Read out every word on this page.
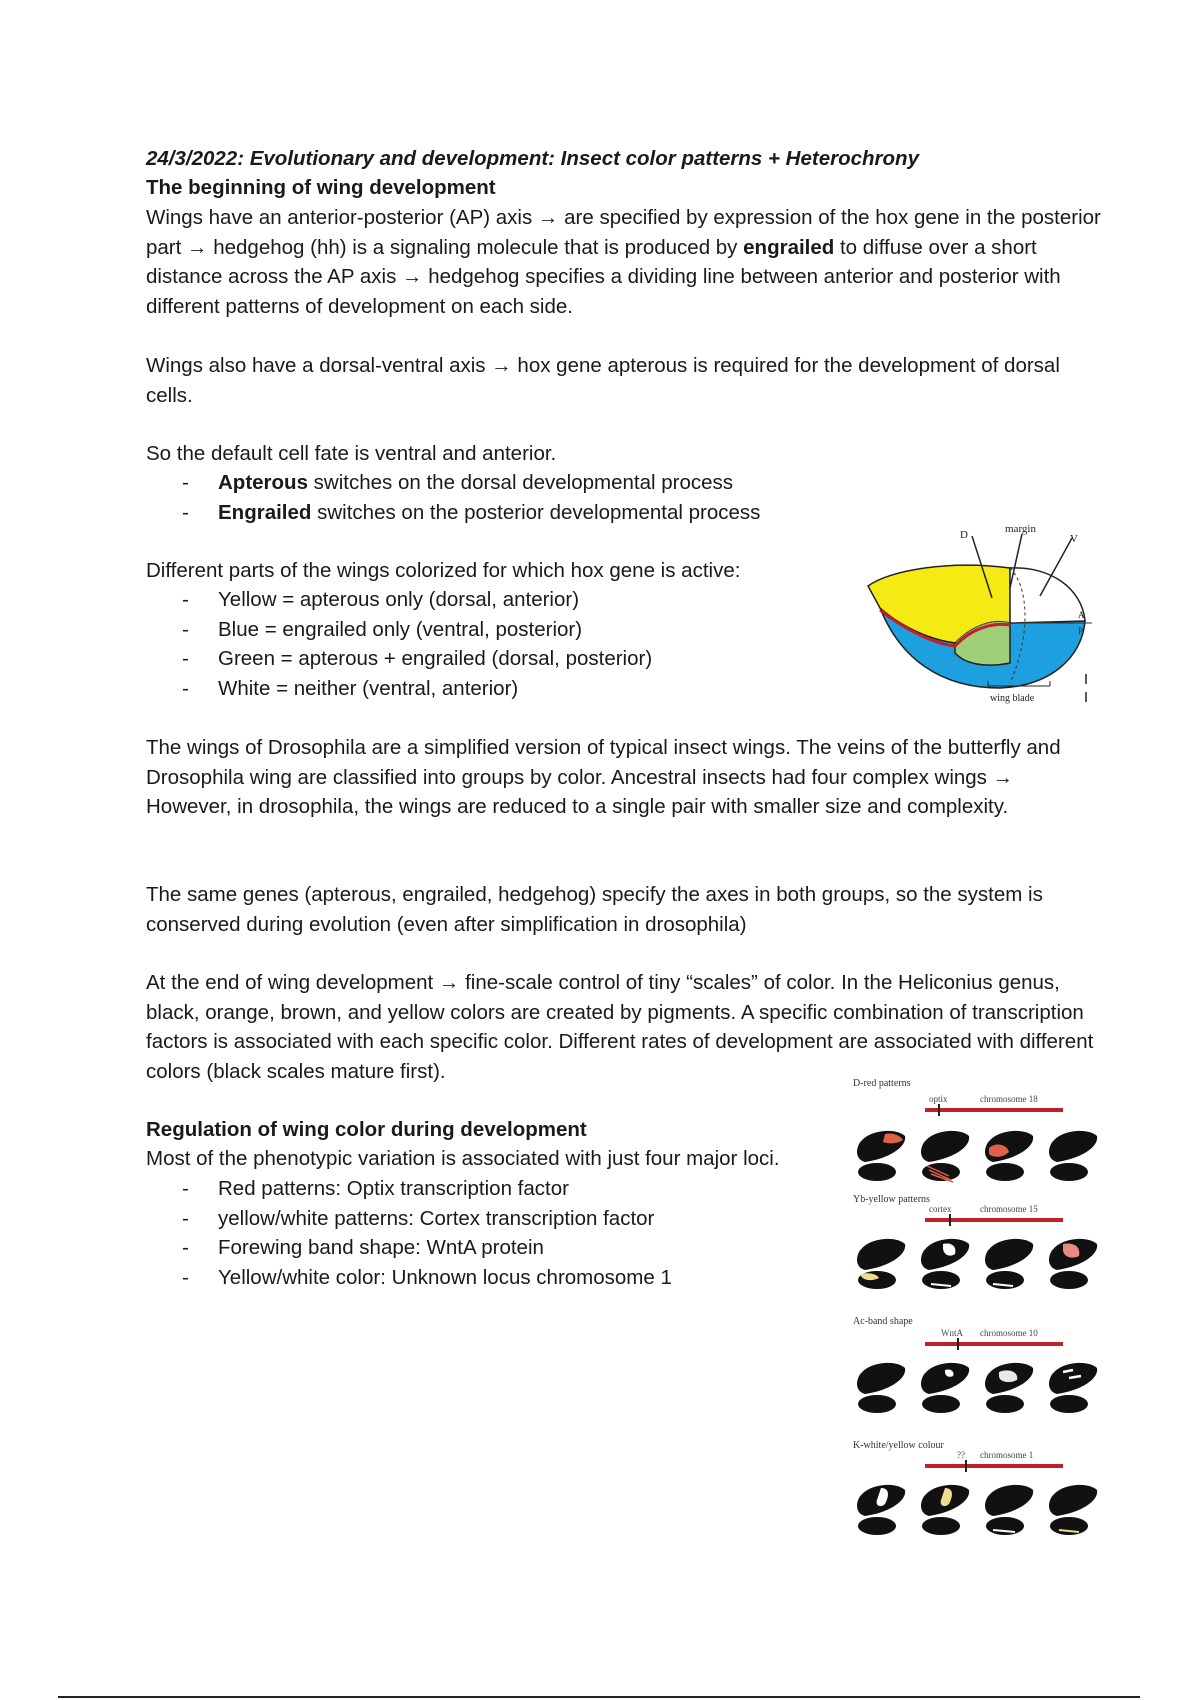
24/3/2022: Evolutionary and development: Insect color patterns + Heterochrony

The beginning of wing development

Wings have an anterior-posterior (AP) axis → are specified by expression of the hox gene in the posterior part → hedgehog (hh) is a signaling molecule that is produced by engrailed to diffuse over a short distance across the AP axis → hedgehog specifies a dividing line between anterior and posterior with different patterns of development on each side.

Wings also have a dorsal-ventral axis → hox gene apterous is required for the development of dorsal cells.

So the default cell fate is ventral and anterior.

- Apterous switches on the dorsal developmental process
- Engrailed switches on the posterior developmental process

Different parts of the wings colorized for which hox gene is active:

- Yellow = apterous only (dorsal, anterior)
- Blue = engrailed only (ventral, posterior)
- Green = apterous + engrailed (dorsal, posterior)
- White = neither (ventral, anterior)

The wings of Drosophila are a simplified version of typical insect wings. The veins of the butterfly and Drosophila wing are classified into groups by color. Ancestral insects had four complex wings → However, in drosophila, the wings are reduced to a single pair with smaller size and complexity.

The same genes (apterous, engrailed, hedgehog) specify the axes in both groups, so the system is conserved during evolution (even after simplification in drosophila)

At the end of wing development → fine-scale control of tiny “scales” of color. In the Heliconius genus, black, orange, brown, and yellow colors are created by pigments. A specific combination of transcription factors is associated with each specific color. Different rates of development are associated with different colors (black scales mature first).

Regulation of wing color during development

Most of the phenotypic variation is associated with just four major loci.

- Red patterns: Optix transcription factor
- yellow/white patterns: Cortex transcription factor
- Forewing band shape: WntA protein
- Yellow/white color: Unknown locus chromosome 1
D	margin
V
A
P
wing blade
D-red patterns
optix	chromosome 18
Yb-yellow patterns
cortex	chromosome 15
Ac-band shape
WntA chromosome 10
K-white/yellow colour
?? chromosome 1
